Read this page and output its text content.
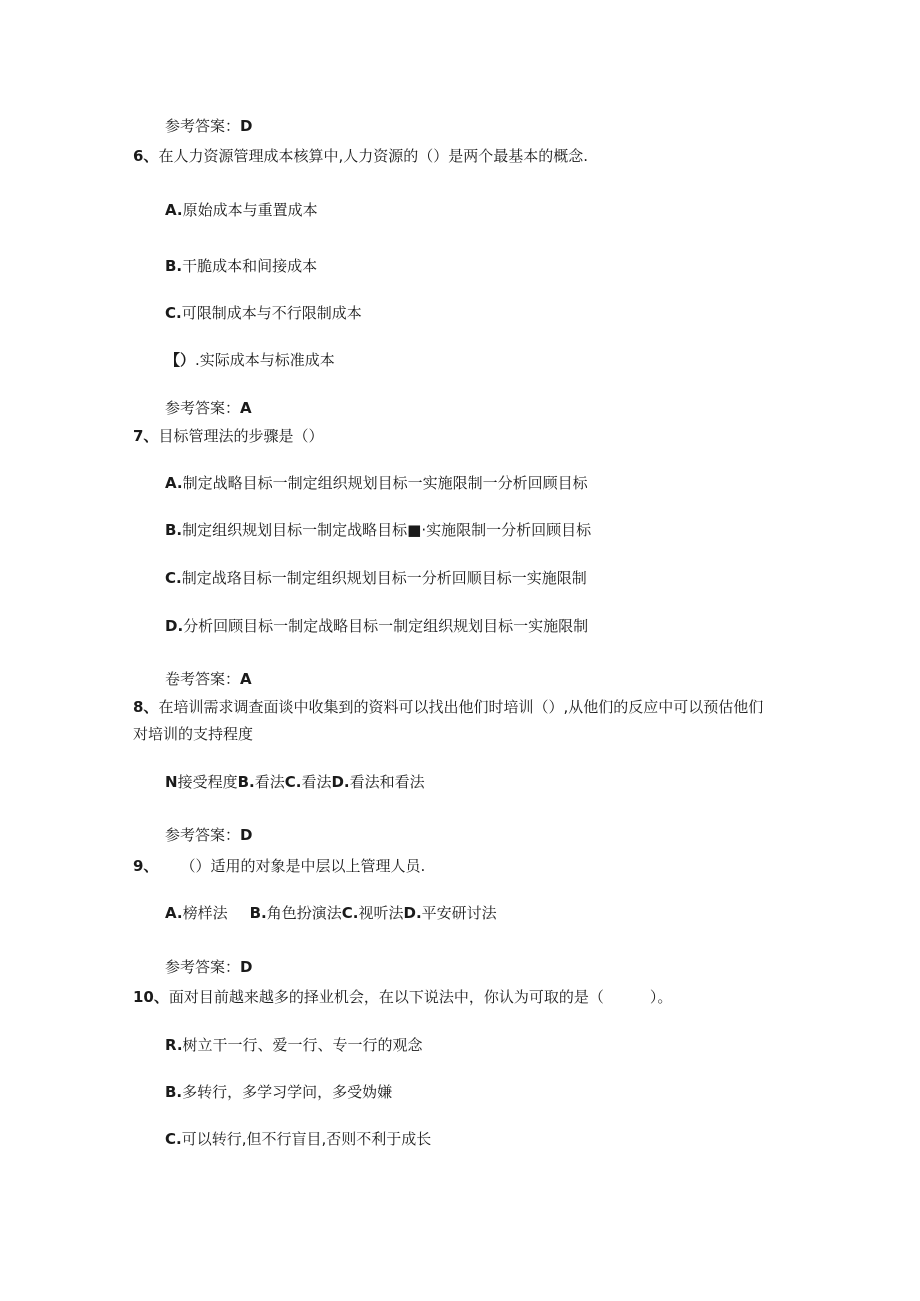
参考答案：D
6、在人力资源管理成本核算中,人力资源的（）是两个最基本的概念.
A.原始成本与重置成本
B.干脆成本和间接成本
C.可限制成本与不行限制成本
【）.实际成本与标准成本
参考答案：A
7、目标管理法的步骤是（）
A.制定战略目标一制定组织规划目标一实施限制一分析回顾目标
B.制定组织规划目标一制定战略目标■·实施限制一分析回顾目标
C.制定战珞目标一制定组织规划目标一分析回顺目标一实施限制
D.分析回顾目标一制定战略目标一制定组织规划目标一实施限制
卷考答案：A
8、在培训需求调查面谈中收集到的资料可以找出他们时培训（）,从他们的反应中可以预估他们
对培训的支持程度
N接受程度B.看法C.看法D.看法和看法
参考答案：D
9、 （）适用的对象是中层以上管理人员.
A.榜样法 B.角色扮演法C.视听法D.平安研讨法
参考答案：D
10、面对目前越来越多的择业机会，在以下说法中，你认为可取的是（	）。
R.树立干一行、爱一行、专一行的观念
B.多转行，多学习学问，多受妫嫌
C.可以转行,但不行盲目,否则不利于成长
